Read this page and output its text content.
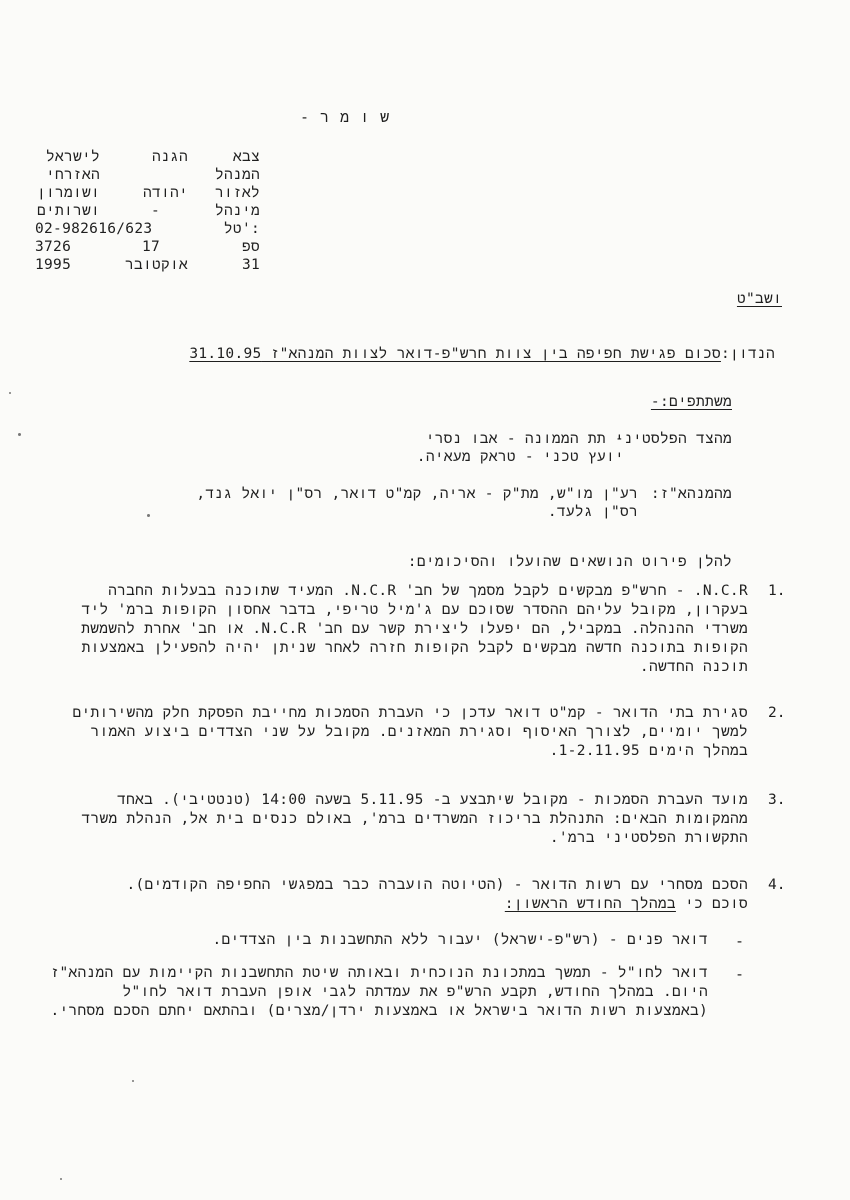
ש ו מ ר -
צבא
הגנה
לישראל
המנהל
האזרחי
לאזור
יהודה
ושומרון
מינהל
-
ושרותים
טל':
02-982616/623
ספ
17
3726
31
אוקטובר
1995
ושב"ט
הנדון:סכום פגישת חפיפה בין צוות חרש"פ-דואר לצוות המנהא"ז 31.10.95
משתתפים:-
מהצד הפלסטיני
- תת הממונה - אבו נסרי
יועץ טכני - טראק מעאיה.
מהמנהא"ז:
רע"ן מו"ש, מת"ק - אריה, קמ"ט דואר, רס"ן יואל גנד,
רס"ן גלעד.
להלן פירוט הנושאים שהועלו והסיכומים:
1.
N.C.R. - חרש"פ מבקשים לקבל מסמך של חב' N.C.R. המעיד שתוכנה בבעלות החברה בעקרון, מקובל עליהם ההסדר שסוכם עם ג'מיל טריפי, בדבר אחסון הקופות ברמ' ליד משרדי ההנהלה. במקביל, הם יפעלו ליצירת קשר עם חב' N.C.R. או חב' אחרת להשמשת הקופות בתוכנה חדשה מבקשים לקבל הקופות חזרה לאחר שניתן יהיה להפעילן באמצעות תוכנה החדשה.
2.
סגירת בתי הדואר - קמ"ט דואר עדכן כי העברת הסמכות מחייבת הפסקת חלק מהשירותים למשך יומיים, לצורך האיסוף וסגירת המאזנים. מקובל על שני הצדדים ביצוע האמור במהלך הימים 1-2.11.95.
3.
מועד העברת הסמכות - מקובל שיתבצע ב- 5.11.95 בשעה 14:00 (טנטטיבי). באחד מהמקומות הבאים: התנהלת בריכוז המשרדים ברמ', באולם כנסים בית אל, הנהלת משרד התקשורת הפלסטיני ברמ'.
4.
הסכם מסחרי עם רשות הדואר - (הטיוטה הועברה כבר במפגשי החפיפה הקודמים). סוכם כי במהלך החודש הראשון:
-
דואר פנים - (רש"פ-ישראל) יעבור ללא התחשבנות בין הצדדים.
-
דואר לחו"ל - תמשך במתכונת הנוכחית ובאותה שיטת התחשבנות הקיימות עם המנהא"ז היום. במהלך החודש, תקבע הרש"פ את עמדתה לגבי אופן העברת דואר לחו"ל (באמצעות רשות הדואר בישראל או באמצעות ירדן/מצרים) ובהתאם יחתם הסכם מסחרי.
